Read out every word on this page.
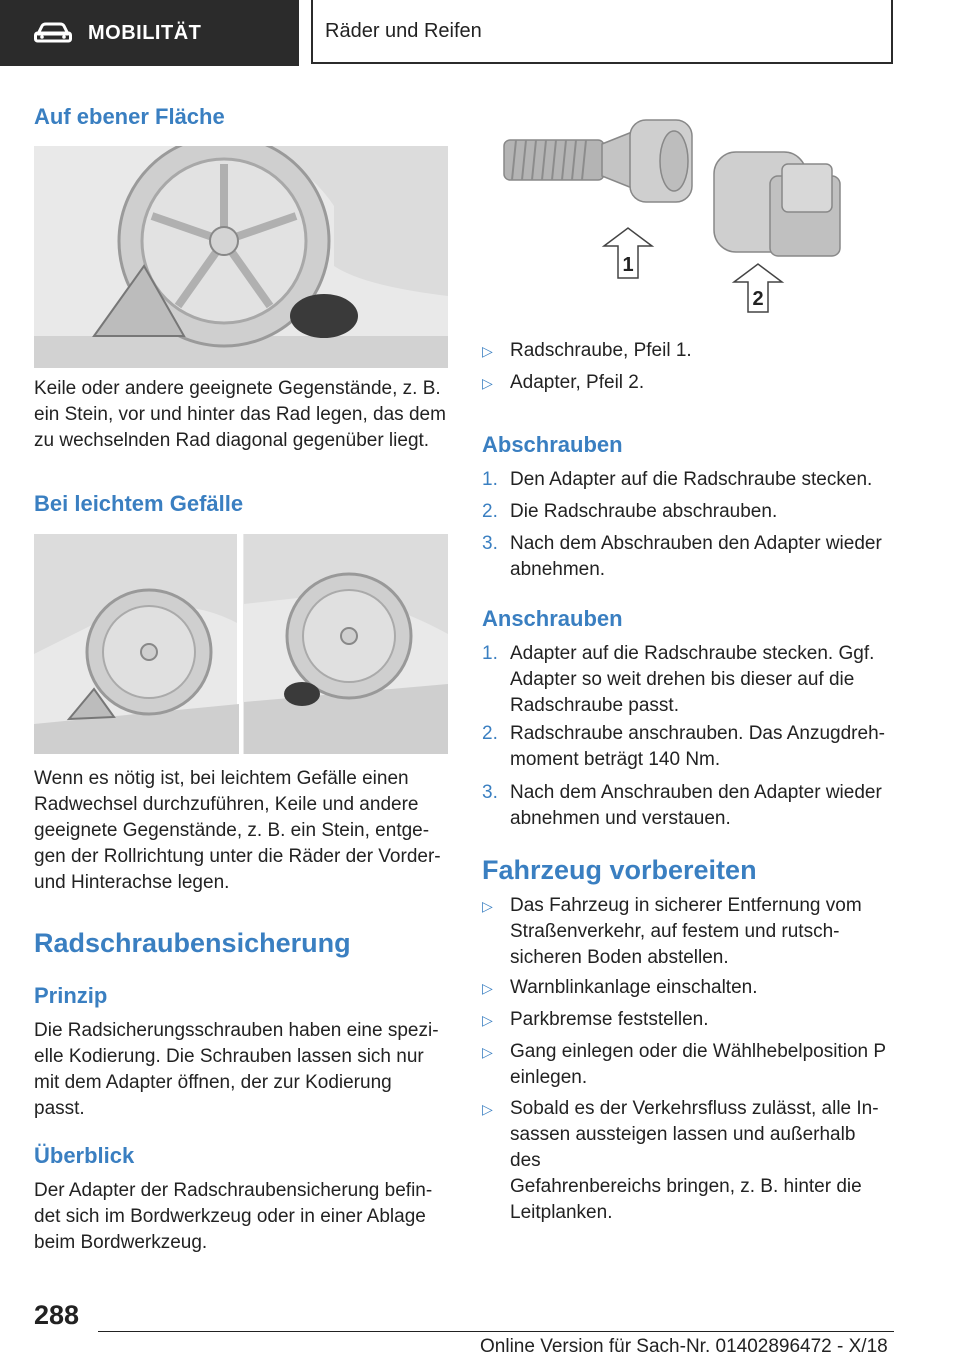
MOBILITÄT	Räder und Reifen
Auf ebener Fläche

Keile oder andere geeignete Gegenstände, z. B.
ein Stein, vor und hinter das Rad legen, das dem
zu wechselnden Rad diagonal gegenüber liegt.

Bei leichtem Gefälle

Wenn es nötig ist, bei leichtem Gefälle einen
Radwechsel durchzuführen, Keile und andere
geeignete Gegenstände, z. B. ein Stein, entge‐
gen der Rollrichtung unter die Räder der Vorder‐
und Hinterachse legen.

Radschraubensicherung
Prinzip

Die Radsicherungsschrauben haben eine spezi‐
elle Kodierung. Die Schrauben lassen sich nur
mit dem Adapter öffnen, der zur Kodierung
passt.

Überblick

Der Adapter der Radschraubensicherung befin‐
det sich im Bordwerkzeug oder in einer Ablage
beim Bordwerkzeug.

1
2
▷ Radschraube, Pfeil 1.
▷ Adapter, Pfeil 2.
Abschrauben
1. Den Adapter auf die Radschraube stecken.
2. Die Radschraube abschrauben.
3. Nach dem Abschrauben den Adapter wieder
abnehmen.
Anschrauben
1. Adapter auf die Radschraube stecken. Ggf.
Adapter so weit drehen bis dieser auf die
Radschraube passt.
2. Radschraube anschrauben. Das Anzugdreh‐
moment beträgt 140 Nm.
3. Nach dem Anschrauben den Adapter wieder
abnehmen und verstauen.
Fahrzeug vorbereiten
▷ Das Fahrzeug in sicherer Entfernung vom
Straßenverkehr, auf festem und rutsch‐
sicheren Boden abstellen.
▷ Warnblinkanlage einschalten.
▷ Parkbremse feststellen.
▷ Gang einlegen oder die Wählhebelposition P
einlegen.
▷ Sobald es der Verkehrsfluss zulässt, alle In‐
sassen aussteigen lassen und außerhalb des
Gefahrenbereichs bringen, z. B. hinter die
Leitplanken.
288
Online Version für Sach-Nr. 01402896472 - X/18
